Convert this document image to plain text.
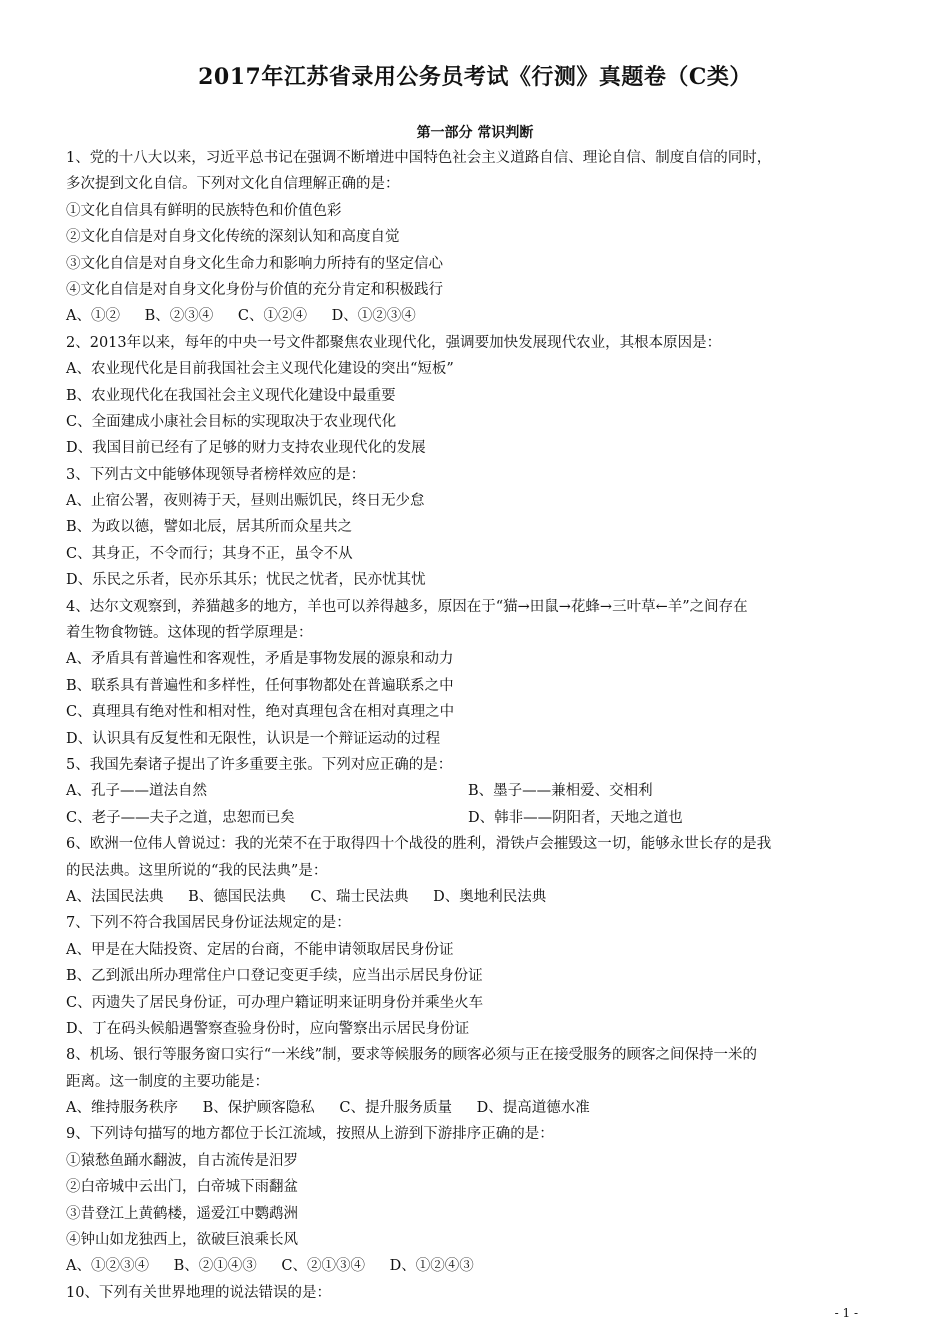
2017年江苏省录用公务员考试《行测》真题卷（C类）
第一部分 常识判断
1、党的十八大以来，习近平总书记在强调不断增进中国特色社会主义道路自信、理论自信、制度自信的同时，
多次提到文化自信。下列对文化自信理解正确的是：
①文化自信具有鲜明的民族特色和价值色彩
②文化自信是对自身文化传统的深刻认知和高度自觉
③文化自信是对自身文化生命力和影响力所持有的坚定信心
④文化自信是对自身文化身份与价值的充分肯定和积极践行
A、①② B、②③④ C、①②④ D、①②③④
2、2013年以来，每年的中央一号文件都聚焦农业现代化，强调要加快发展现代农业，其根本原因是：
A、农业现代化是目前我国社会主义现代化建设的突出“短板”
B、农业现代化在我国社会主义现代化建设中最重要
C、全面建成小康社会目标的实现取决于农业现代化
D、我国目前已经有了足够的财力支持农业现代化的发展
3、下列古文中能够体现领导者榜样效应的是：
A、止宿公署，夜则祷于天，昼则出赈饥民，终日无少怠
B、为政以德，譬如北辰，居其所而众星共之
C、其身正，不令而行；其身不正，虽令不从
D、乐民之乐者，民亦乐其乐；忧民之忧者，民亦忧其忧
4、达尔文观察到，养猫越多的地方，羊也可以养得越多，原因在于“猫→田鼠→花蜂→三叶草←羊”之间存在
着生物食物链。这体现的哲学原理是：
A、矛盾具有普遍性和客观性，矛盾是事物发展的源泉和动力
B、联系具有普遍性和多样性，任何事物都处在普遍联系之中
C、真理具有绝对性和相对性，绝对真理包含在相对真理之中
D、认识具有反复性和无限性，认识是一个辩证运动的过程
5、我国先秦诸子提出了许多重要主张。下列对应正确的是：
A、孔子——道法自然	B、墨子——兼相爱、交相利
C、老子——夫子之道，忠恕而已矣	D、韩非——阴阳者，天地之道也
6、欧洲一位伟人曾说过：我的光荣不在于取得四十个战役的胜利，滑铁卢会摧毁这一切，能够永世长存的是我
的民法典。这里所说的“我的民法典”是：
A、法国民法典 B、德国民法典 C、瑞士民法典 D、奥地利民法典
7、下列不符合我国居民身份证法规定的是：
A、甲是在大陆投资、定居的台商，不能申请领取居民身份证
B、乙到派出所办理常住户口登记变更手续，应当出示居民身份证
C、丙遗失了居民身份证，可办理户籍证明来证明身份并乘坐火车
D、丁在码头候船遇警察查验身份时，应向警察出示居民身份证
8、机场、银行等服务窗口实行“一米线”制，要求等候服务的顾客必须与正在接受服务的顾客之间保持一米的
距离。这一制度的主要功能是：
A、维持服务秩序 B、保护顾客隐私 C、提升服务质量 D、提高道德水准
9、下列诗句描写的地方都位于长江流域，按照从上游到下游排序正确的是：
①猿愁鱼踊水翻波，自古流传是汨罗
②白帝城中云出门，白帝城下雨翻盆
③昔登江上黄鹤楼，遥爱江中鹦鹉洲
④钟山如龙独西上，欲破巨浪乘长风
A、①②③④ B、②①④③ C、②①③④ D、①②④③
10、下列有关世界地理的说法错误的是：
- 1 -
